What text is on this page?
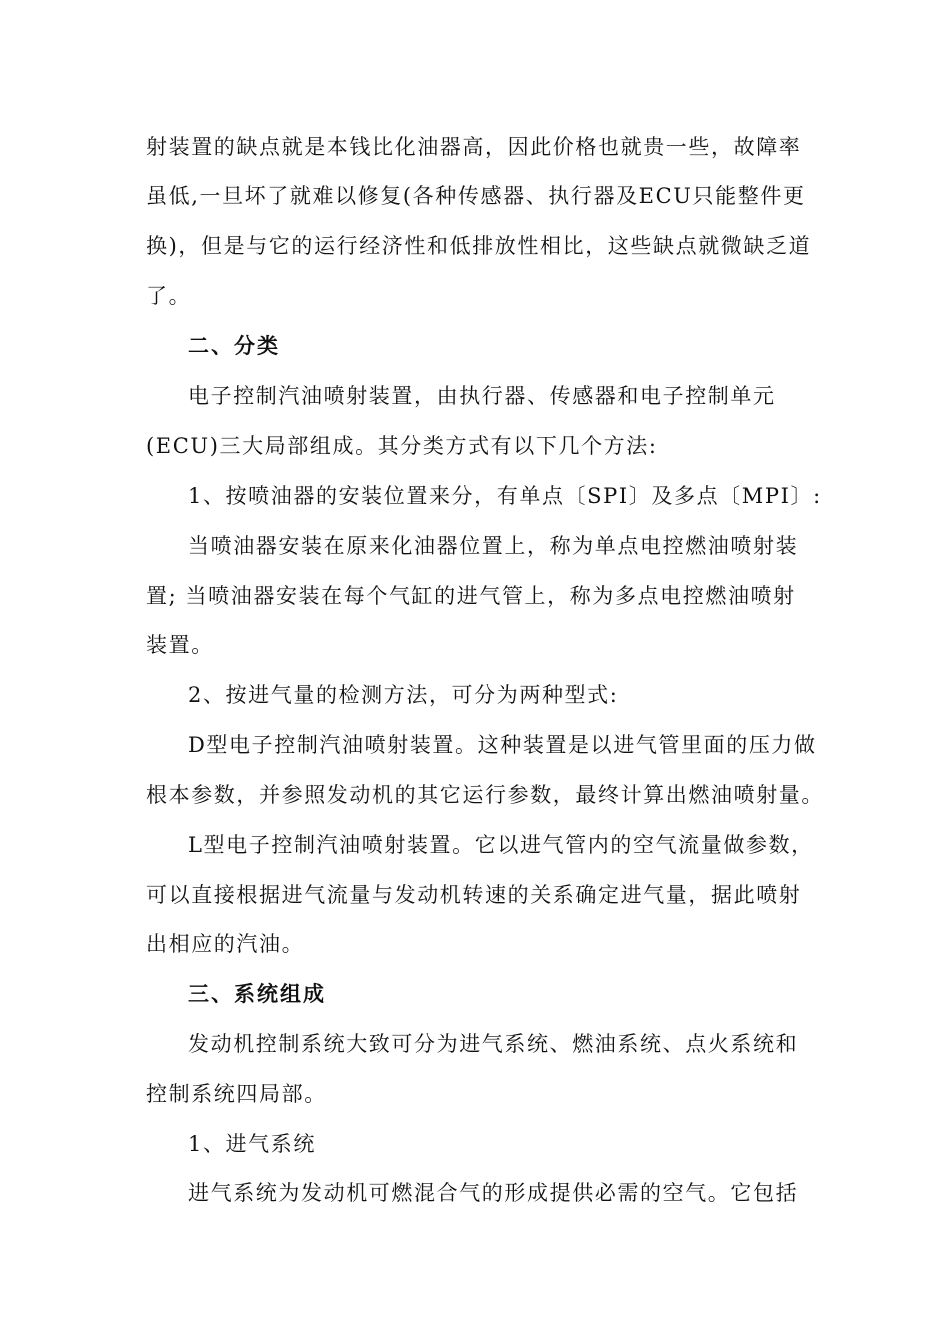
射装置的缺点就是本钱比化油器高，因此价格也就贵一些，故障率
虽低,一旦坏了就难以修复(各种传感器、执行器及ECU只能整件更
换)，但是与它的运行经济性和低排放性相比，这些缺点就微缺乏道
了。
二、分类
电子控制汽油喷射装置，由执行器、传感器和电子控制单元
(ECU)三大局部组成。其分类方式有以下几个方法:
1、按喷油器的安装位置来分，有单点〔SPI〕及多点〔MPI〕:
当喷油器安装在原来化油器位置上，称为单点电控燃油喷射装
置; 当喷油器安装在每个气缸的进气管上，称为多点电控燃油喷射
装置。
2、按进气量的检测方法，可分为两种型式:
D型电子控制汽油喷射装置。这种装置是以进气管里面的压力做
根本参数，并参照发动机的其它运行参数，最终计算出燃油喷射量。
L型电子控制汽油喷射装置。它以进气管内的空气流量做参数，
可以直接根据进气流量与发动机转速的关系确定进气量，据此喷射
出相应的汽油。
三、系统组成
发动机控制系统大致可分为进气系统、燃油系统、点火系统和
控制系统四局部。
1、进气系统
进气系统为发动机可燃混合气的形成提供必需的空气。它包括
